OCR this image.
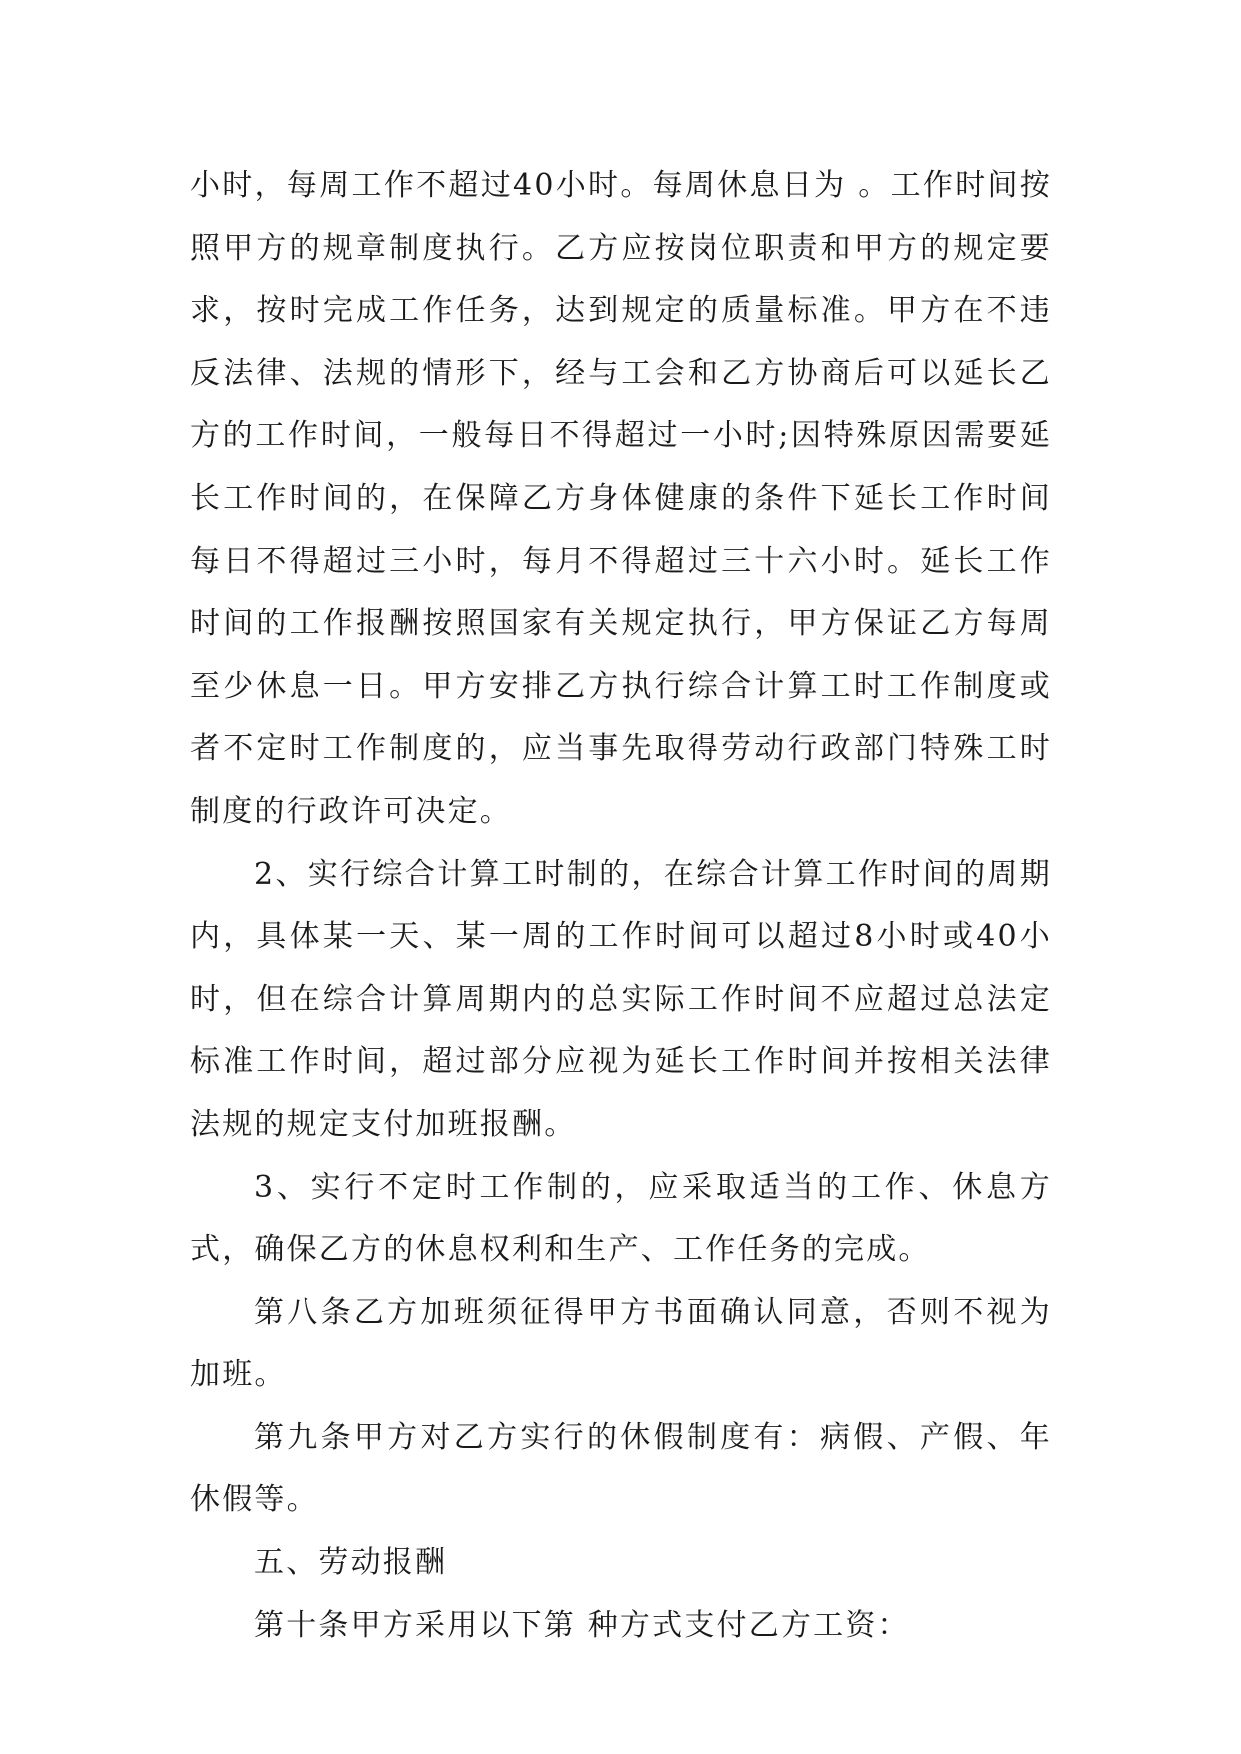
小时，每周工作不超过40小时。每周休息日为 。工作时间按照甲方的规章制度执行。乙方应按岗位职责和甲方的规定要求，按时完成工作任务，达到规定的质量标准。甲方在不违反法律、法规的情形下，经与工会和乙方协商后可以延长乙方的工作时间，一般每日不得超过一小时;因特殊原因需要延长工作时间的，在保障乙方身体健康的条件下延长工作时间每日不得超过三小时，每月不得超过三十六小时。延长工作时间的工作报酬按照国家有关规定执行，甲方保证乙方每周至少休息一日。甲方安排乙方执行综合计算工时工作制度或者不定时工作制度的，应当事先取得劳动行政部门特殊工时制度的行政许可决定。

2、实行综合计算工时制的，在综合计算工作时间的周期内，具体某一天、某一周的工作时间可以超过8小时或40小时，但在综合计算周期内的总实际工作时间不应超过总法定标准工作时间，超过部分应视为延长工作时间并按相关法律法规的规定支付加班报酬。

3、实行不定时工作制的，应采取适当的工作、休息方式，确保乙方的休息权利和生产、工作任务的完成。

第八条乙方加班须征得甲方书面确认同意，否则不视为加班。

第九条甲方对乙方实行的休假制度有：病假、产假、年休假等。

五、劳动报酬

第十条甲方采用以下第 种方式支付乙方工资：
